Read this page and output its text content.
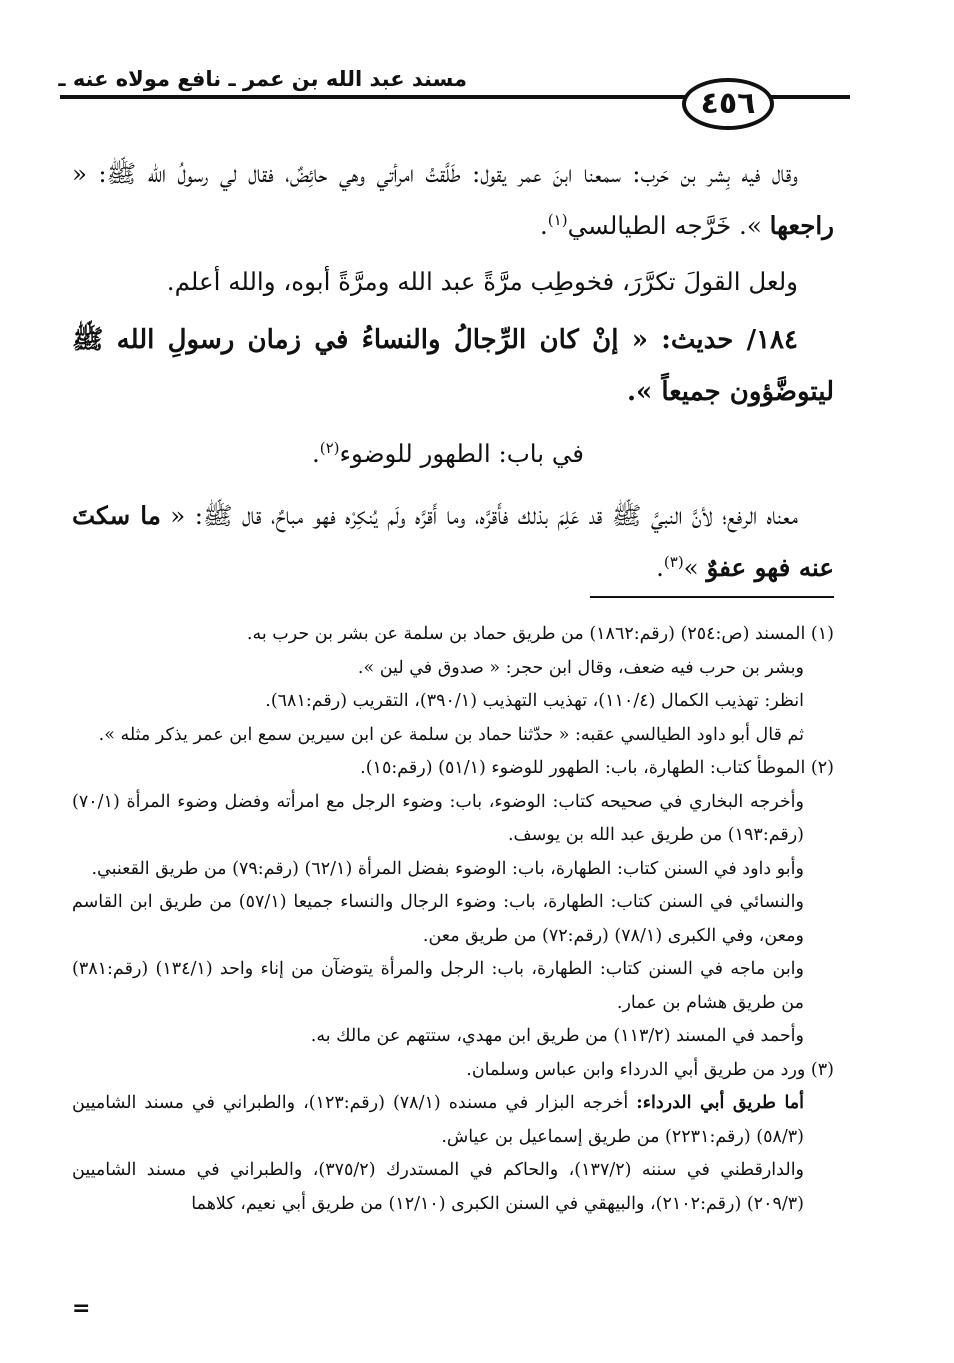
مسند عبد الله بن عمر ـ نافع مولاه عنه ـ
٤٥٦

وقال فيه بِشر بن حَرب: سمعنا ابنَ عمر يقول: طَلَّقتُ امرأتي وهي حائِضٌ، فقال لي رسولُ الله ﷺ: « راجعها ». خَرَّجه الطيالسي$^{(١)}$.

ولعل القولَ تكرَّرَ، فخوطِب مرَّةً عبد الله ومرَّةً أبوه، والله أعلم.

١٨٤/ حديث: « إنْ كان الرِّجالُ والنساءُ في زمان رسولِ الله ﷺ ليتوضَّؤون جميعاً ».

في باب: الطهور للوضوء$^{(٢)}$.

معناه الرفع؛ لأنَّ النبيَّ ﷺ قد عَلِمَ بذلك فأَقرَّه، وما أَقرَّه ولَم يُنكِرْه فهو مباحٌ، قال ﷺ: « ما سكتَ عنه فهو عفوٌ »$^{(٣)}$.

(١) المسند (ص:٢٥٤) (رقم:١٨٦٢) من طريق حماد بن سلمة عن بشر بن حرب به.

وبشر بن حرب فيه ضعف، وقال ابن حجر: « صدوق في لين ».

انظر: تهذيب الكمال (١١٠/٤)، تهذيب التهذيب (٣٩٠/١)، التقريب (رقم:٦٨١).

ثم قال أبو داود الطيالسي عقبه: « حدّثنا حماد بن سلمة عن ابن سيرين سمع ابن عمر يذكر مثله ».

(٢) الموطأ كتاب: الطهارة، باب: الطهور للوضوء (٥١/١) (رقم:١٥).

وأخرجه البخاري في صحيحه كتاب: الوضوء، باب: وضوء الرجل مع امرأته وفضل وضوء المرأة (٧٠/١) (رقم:١٩٣) من طريق عبد الله بن يوسف.

وأبو داود في السنن كتاب: الطهارة، باب: الوضوء بفضل المرأة (٦٢/١) (رقم:٧٩) من طريق القعنبي.

والنسائي في السنن كتاب: الطهارة، باب: وضوء الرجال والنساء جميعا (٥٧/١) من طريق ابن القاسم ومعن، وفي الكبرى (٧٨/١) (رقم:٧٢) من طريق معن.

وابن ماجه في السنن كتاب: الطهارة، باب: الرجل والمرأة يتوضآن من إناء واحد (١٣٤/١) (رقم:٣٨١) من طريق هشام بن عمار.

وأحمد في المسند (١١٣/٢) من طريق ابن مهدي، ستتهم عن مالك به.

(٣) ورد من طريق أبي الدرداء وابن عباس وسلمان.

أما طريق أبي الدرداء: أخرجه البزار في مسنده (٧٨/١) (رقم:١٢٣)، والطبراني في مسند الشاميين (٥٨/٣) (رقم:٢٢٣١) من طريق إسماعيل بن عياش.

والدارقطني في سننه (١٣٧/٢)، والحاكم في المستدرك (٣٧٥/٢)، والطبراني في مسند الشاميين (٢٠٩/٣) (رقم:٢١٠٢)، والبيهقي في السنن الكبرى (١٢/١٠) من طريق أبي نعيم، كلاهما

=
